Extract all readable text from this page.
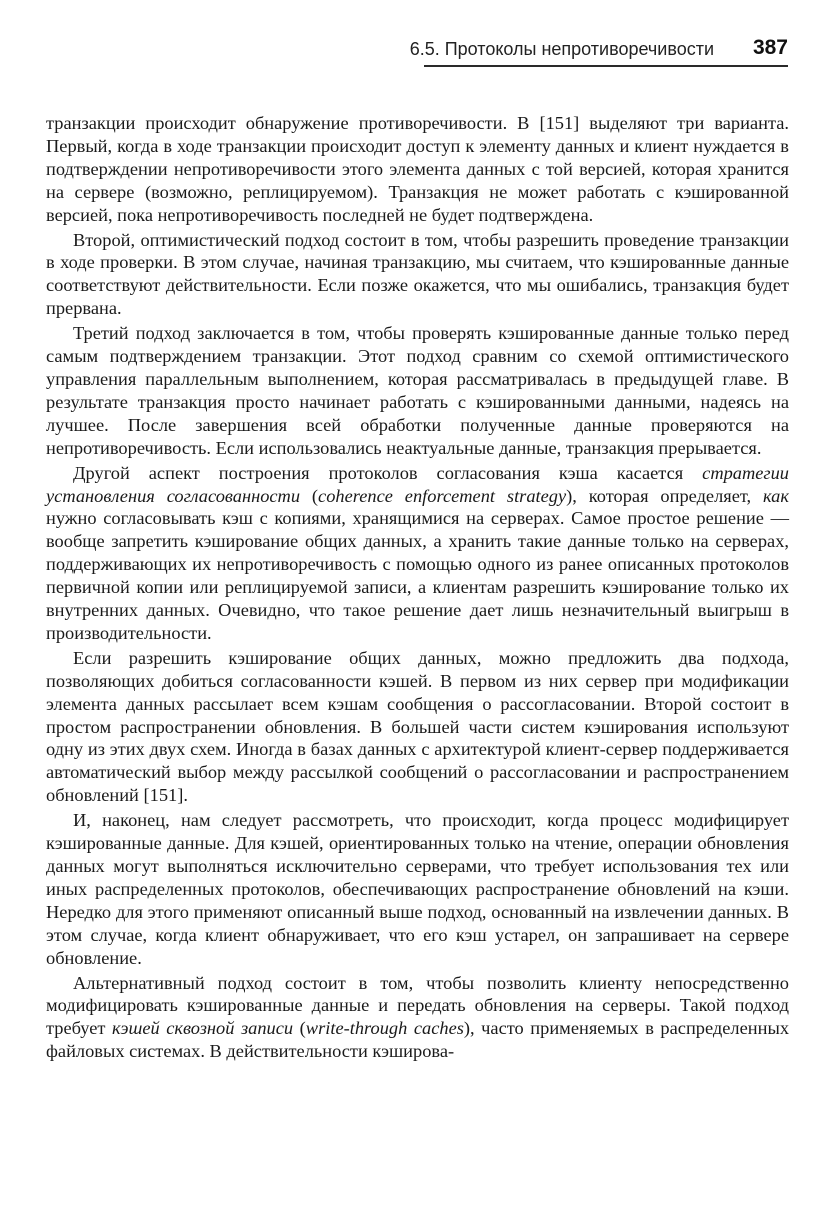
6.5. Протоколы непротиворечивости 387

транзакции происходит обнаружение противоречивости. В [151] выделяют три варианта. Первый, когда в ходе транзакции происходит доступ к элементу данных и клиент нуждается в подтверждении непротиворечивости этого элемента данных с той версией, которая хранится на сервере (возможно, реплицируемом). Транзакция не может работать с кэшированной версией, пока непротиворечивость последней не будет подтверждена.

Второй, оптимистический подход состоит в том, чтобы разрешить проведение транзакции в ходе проверки. В этом случае, начиная транзакцию, мы считаем, что кэшированные данные соответствуют действительности. Если позже окажется, что мы ошибались, транзакция будет прервана.

Третий подход заключается в том, чтобы проверять кэшированные данные только перед самым подтверждением транзакции. Этот подход сравним со схемой оптимистического управления параллельным выполнением, которая рассматривалась в предыдущей главе. В результате транзакция просто начинает работать с кэшированными данными, надеясь на лучшее. После завершения всей обработки полученные данные проверяются на непротиворечивость. Если использовались неактуальные данные, транзакция прерывается.

Другой аспект построения протоколов согласования кэша касается стратегии установления согласованности (coherence enforcement strategy), которая определяет, как нужно согласовывать кэш с копиями, хранящимися на серверах. Самое простое решение — вообще запретить кэширование общих данных, а хранить такие данные только на серверах, поддерживающих их непротиворечивость с помощью одного из ранее описанных протоколов первичной копии или реплицируемой записи, а клиентам разрешить кэширование только их внутренних данных. Очевидно, что такое решение дает лишь незначительный выигрыш в производительности.

Если разрешить кэширование общих данных, можно предложить два подхода, позволяющих добиться согласованности кэшей. В первом из них сервер при модификации элемента данных рассылает всем кэшам сообщения о рассогласовании. Второй состоит в простом распространении обновления. В большей части систем кэширования используют одну из этих двух схем. Иногда в базах данных с архитектурой клиент-сервер поддерживается автоматический выбор между рассылкой сообщений о рассогласовании и распространением обновлений [151].

И, наконец, нам следует рассмотреть, что происходит, когда процесс модифицирует кэшированные данные. Для кэшей, ориентированных только на чтение, операции обновления данных могут выполняться исключительно серверами, что требует использования тех или иных распределенных протоколов, обеспечивающих распространение обновлений на кэши. Нередко для этого применяют описанный выше подход, основанный на извлечении данных. В этом случае, когда клиент обнаруживает, что его кэш устарел, он запрашивает на сервере обновление.

Альтернативный подход состоит в том, чтобы позволить клиенту непосредственно модифицировать кэшированные данные и передать обновления на серверы. Такой подход требует кэшей сквозной записи (write-through caches), часто применяемых в распределенных файловых системах. В действительности кэширова-
